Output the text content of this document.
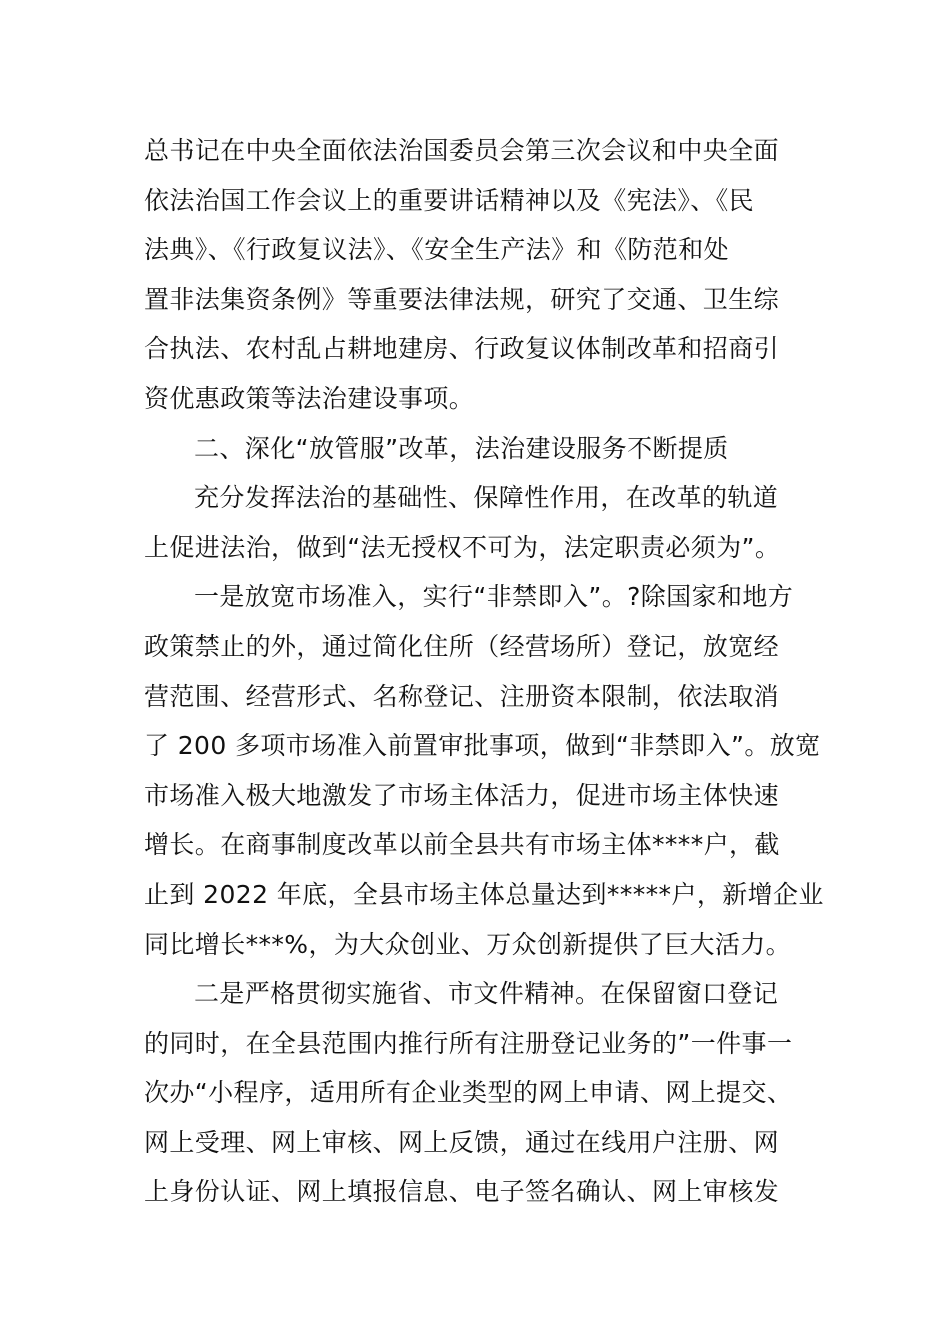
总书记在中央全面依法治国委员会第三次会议和中央全面
依法治国工作会议上的重要讲话精神以及《宪法》、《民
法典》、《行政复议法》、《安全生产法》和《防范和处
置非法集资条例》等重要法律法规，研究了交通、卫生综
合执法、农村乱占耕地建房、行政复议体制改革和招商引
资优惠政策等法治建设事项。
二、深化“放管服”改革，法治建设服务不断提质
充分发挥法治的基础性、保障性作用，在改革的轨道
上促进法治，做到“法无授权不可为，法定职责必须为”。
一是放宽市场准入，实行“非禁即入”。?除国家和地方
政策禁止的外，通过简化住所（经营场所）登记，放宽经
营范围、经营形式、名称登记、注册资本限制，依法取消
了 200 多项市场准入前置审批事项，做到“非禁即入”。放宽
市场准入极大地激发了市场主体活力，促进市场主体快速
增长。在商事制度改革以前全县共有市场主体****户，截
止到 2022 年底，全县市场主体总量达到*****户，新增企业
同比增长***%，为大众创业、万众创新提供了巨大活力。
二是严格贯彻实施省、市文件精神。在保留窗口登记
的同时，在全县范围内推行所有注册登记业务的”一件事一
次办“小程序，适用所有企业类型的网上申请、网上提交、
网上受理、网上审核、网上反馈，通过在线用户注册、网
上身份认证、网上填报信息、电子签名确认、网上审核发
